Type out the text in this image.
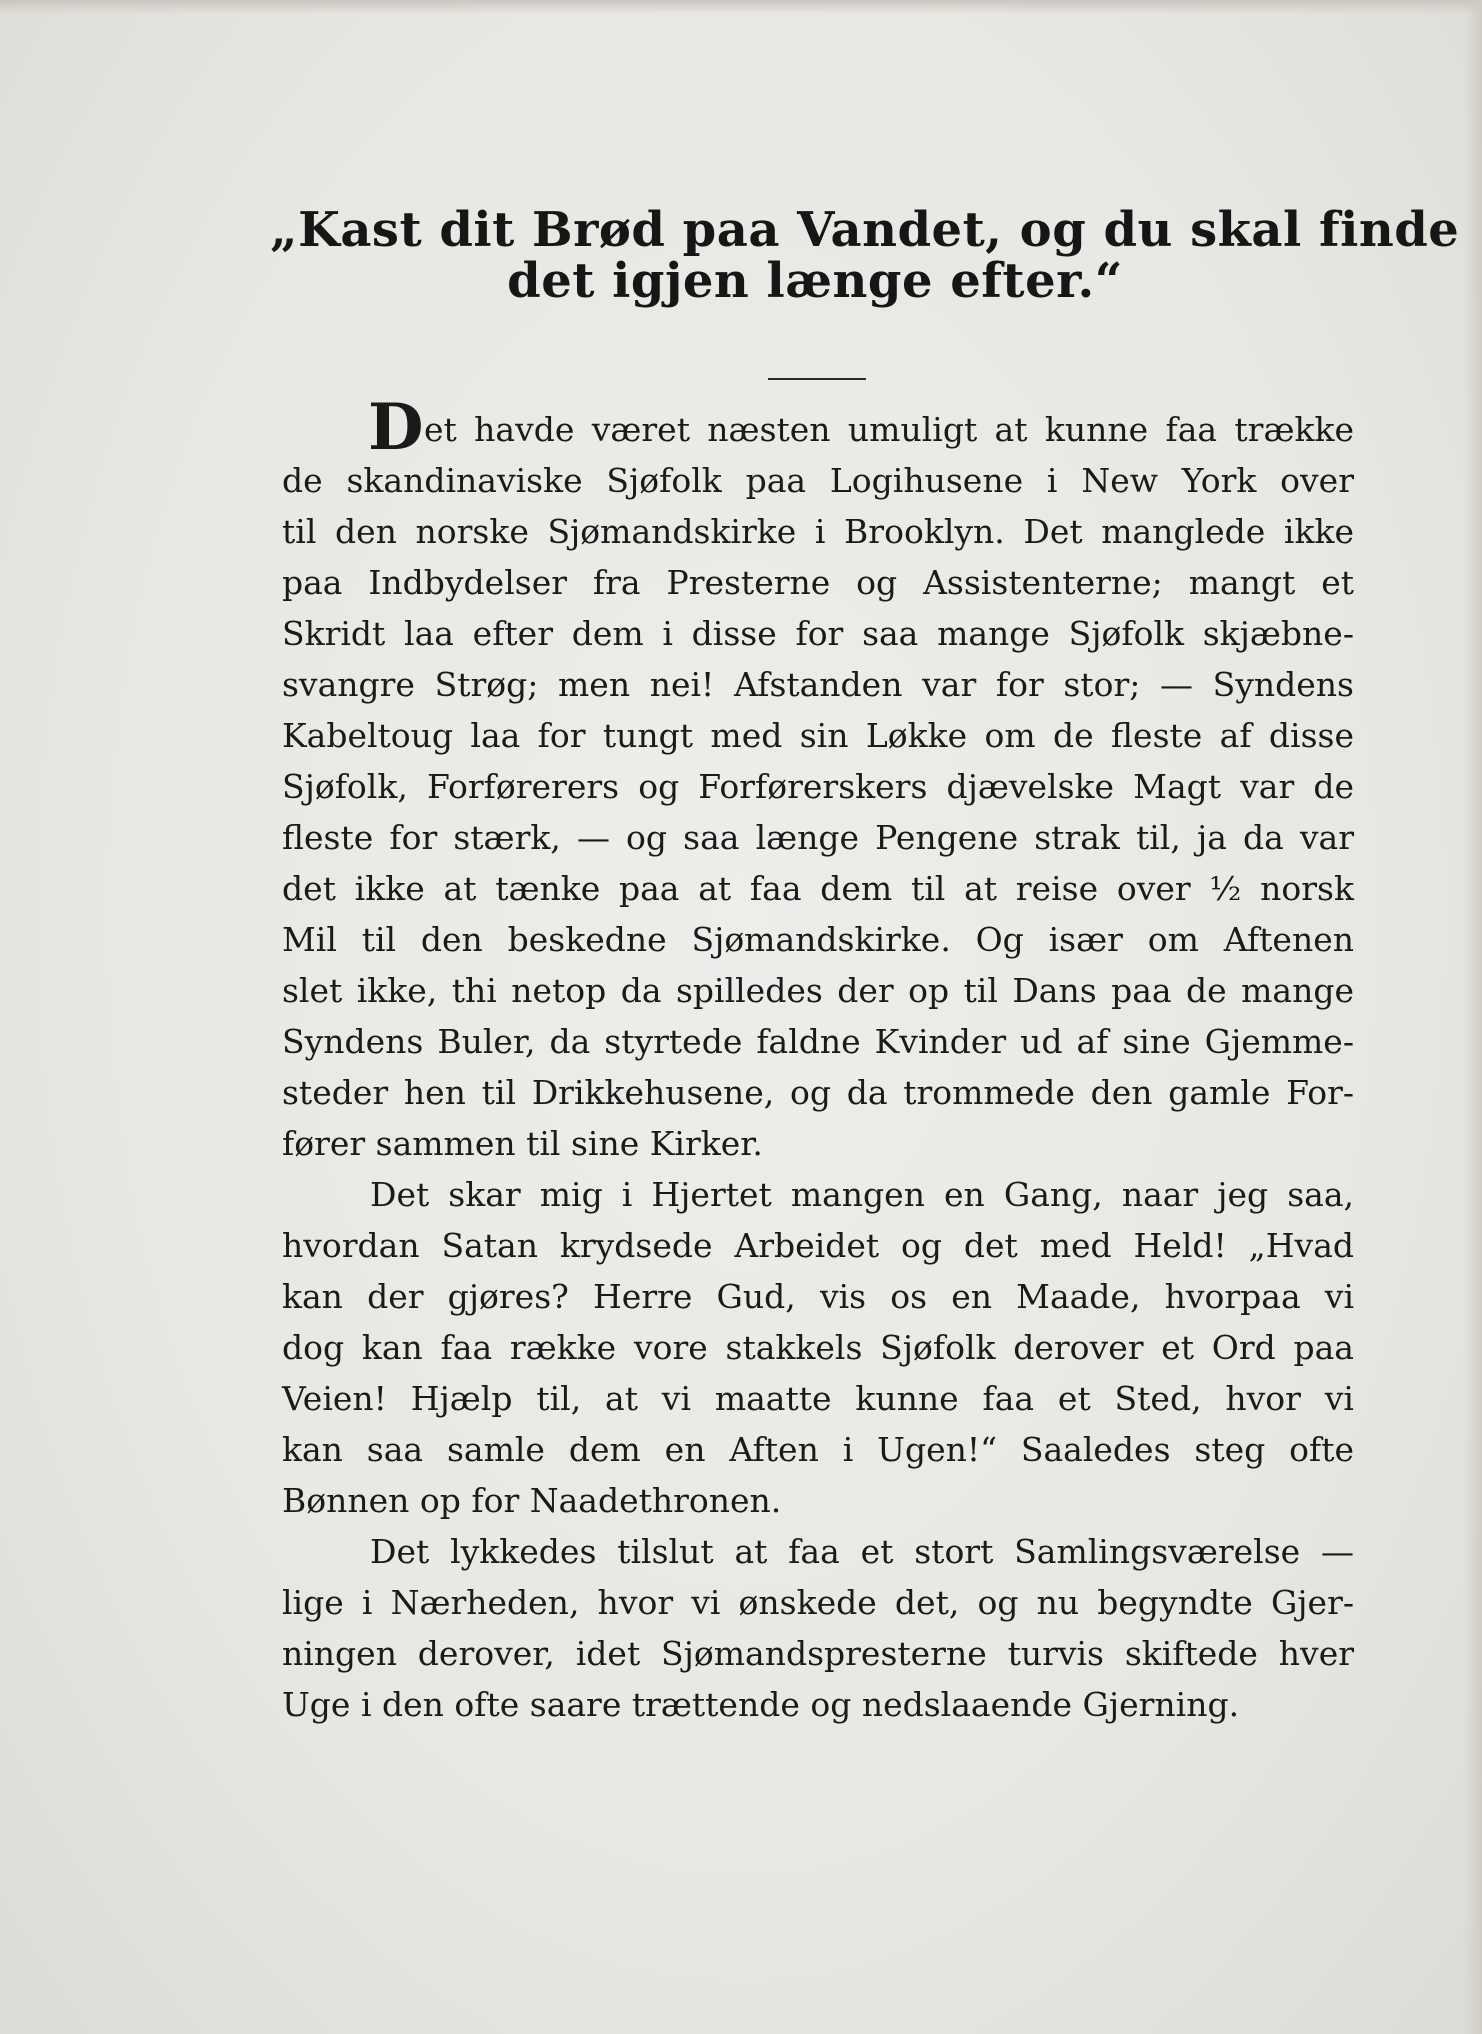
„Kast dit Brød paa Vandet, og du skal finde
det igjen længe efter.“
D et havde været næsten umuligt at kunne faa trække
de skandinaviske Sjøfolk paa Logihusene i New York over
til den norske Sjømandskirke i Brooklyn. Det manglede ikke
paa Indbydelser fra Presterne og Assistenterne; mangt et
Skridt laa efter dem i disse for saa mange Sjøfolk skjæbne-
svangre Strøg; men nei! Afstanden var for stor; — Syndens
Kabeltoug laa for tungt med sin Løkke om de fleste af disse
Sjøfolk, Forførerers og Forførerskers djævelske Magt var de
fleste for stærk, — og saa længe Pengene strak til, ja da var
det ikke at tænke paa at faa dem til at reise over ½ norsk
Mil til den beskedne Sjømandskirke. Og især om Aftenen
slet ikke, thi netop da spilledes der op til Dans paa de mange
Syndens Buler, da styrtede faldne Kvinder ud af sine Gjemme-
steder hen til Drikkehusene, og da trommede den gamle For-
fører sammen til sine Kirker.
Det skar mig i Hjertet mangen en Gang, naar jeg saa,
hvordan Satan krydsede Arbeidet og det med Held! „Hvad
kan der gjøres? Herre Gud, vis os en Maade, hvorpaa vi
dog kan faa række vore stakkels Sjøfolk derover et Ord paa
Veien! Hjælp til, at vi maatte kunne faa et Sted, hvor vi
kan saa samle dem en Aften i Ugen!“ Saaledes steg ofte
Bønnen op for Naadethronen.
Det lykkedes tilslut at faa et stort Samlingsværelse —
lige i Nærheden, hvor vi ønskede det, og nu begyndte Gjer-
ningen derover, idet Sjømandspresterne turvis skiftede hver
Uge i den ofte saare trættende og nedslaaende Gjerning.
